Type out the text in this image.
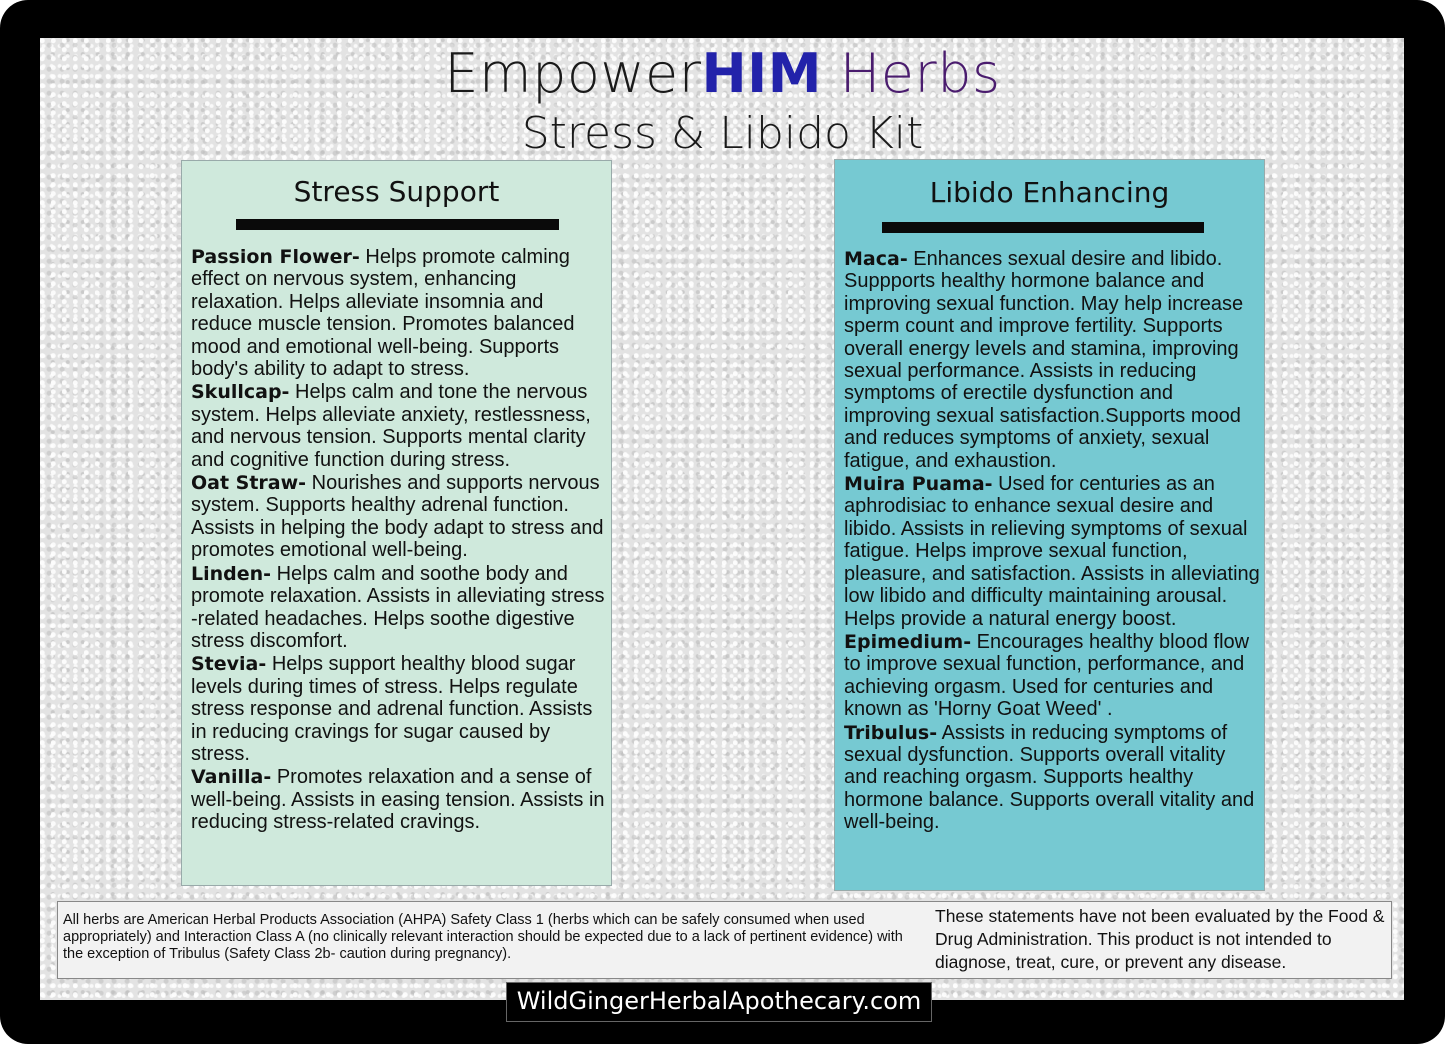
EmpowerHIM Herbs
Stress & Libido Kit
Stress Support
Passion Flower- Helps promote calming effect on nervous system, enhancing relaxation. Helps alleviate insomnia and reduce muscle tension. Promotes balanced mood and emotional well-being. Supports body's ability to adapt to stress.
Skullcap- Helps calm and tone the nervous system. Helps alleviate anxiety, restlessness, and nervous tension. Supports mental clarity and cognitive function during stress.
Oat Straw- Nourishes and supports nervous system. Supports healthy adrenal function. Assists in helping the body adapt to stress and promotes emotional well-being.
Linden- Helps calm and soothe body and promote relaxation. Assists in alleviating stress -related headaches. Helps soothe digestive stress discomfort.
Stevia- Helps support healthy blood sugar levels during times of stress. Helps regulate stress response and adrenal function. Assists in reducing cravings for sugar caused by stress.
Vanilla- Promotes relaxation and a sense of well-being. Assists in easing tension. Assists in reducing stress-related cravings.
Libido Enhancing
Maca- Enhances sexual desire and libido. Suppports healthy hormone balance and improving sexual function. May help increase sperm count and improve fertility. Supports overall energy levels and stamina, improving sexual performance. Assists in reducing symptoms of erectile dysfunction and improving sexual satisfaction.Supports mood and reduces symptoms of anxiety, sexual fatigue, and exhaustion.
Muira Puama- Used for centuries as an aphrodisiac to enhance sexual desire and libido. Assists in relieving symptoms of sexual fatigue. Helps improve sexual function, pleasure, and satisfaction. Assists in alleviating low libido and difficulty maintaining arousal. Helps provide a natural energy boost.
Epimedium- Encourages healthy blood flow to improve sexual function, performance, and achieving orgasm. Used for centuries and known as 'Horny Goat Weed' .
Tribulus- Assists in reducing symptoms of sexual dysfunction. Supports overall vitality and reaching orgasm. Supports healthy hormone balance. Supports overall vitality and well-being.
All herbs are American Herbal Products Association (AHPA) Safety Class 1 (herbs which can be safely consumed when used appropriately) and Interaction Class A (no clinically relevant interaction should be expected due to a lack of pertinent evidence) with the exception of Tribulus (Safety Class 2b- caution during pregnancy).
These statements have not been evaluated by the Food & Drug Administration. This product is not intended to diagnose, treat, cure, or prevent any disease.
WildGingerHerbalApothecary.com
